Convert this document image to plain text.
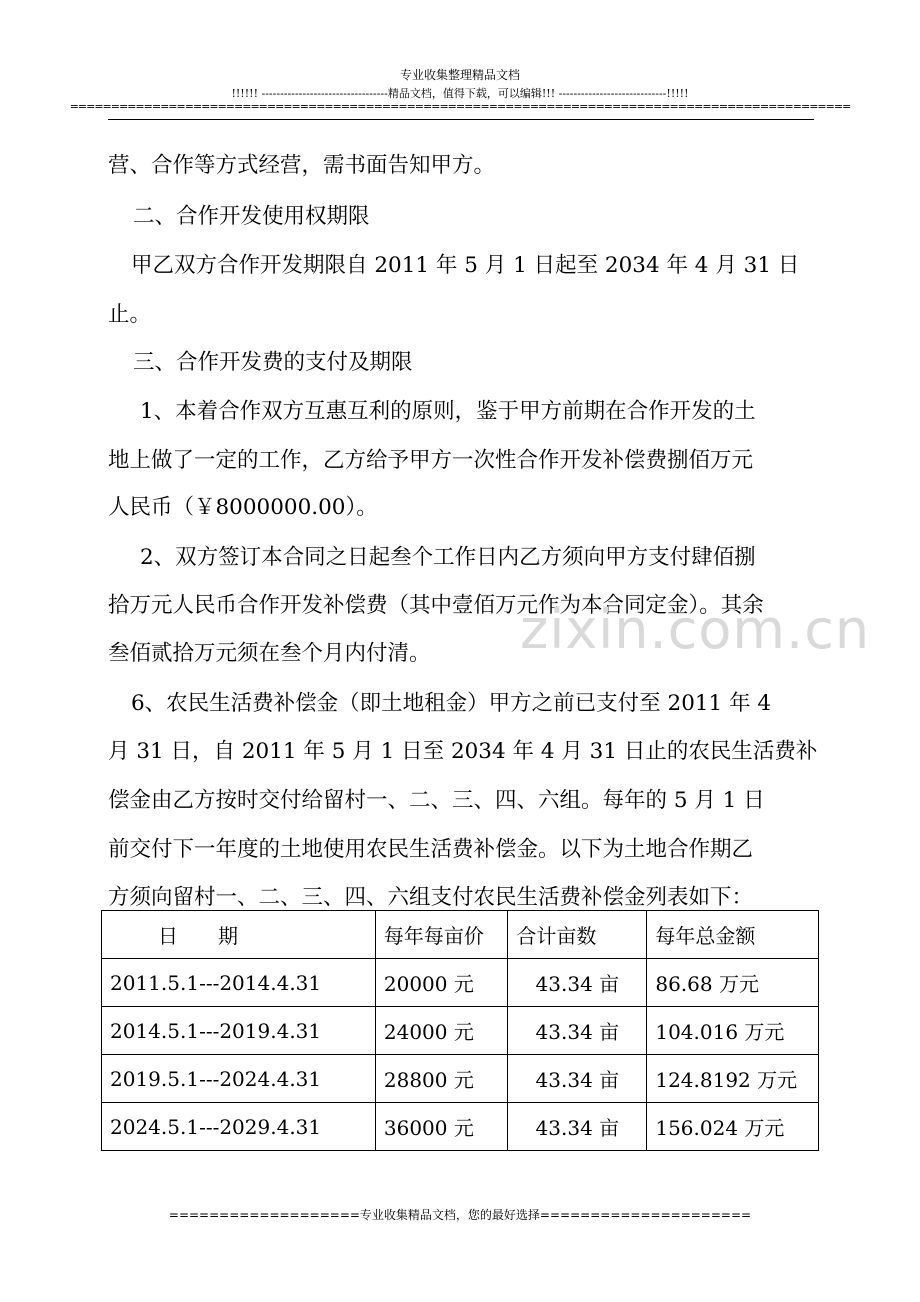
专业收集整理精品文档
!!!!!! ----------------------------------精品文档，值得下载，可以编辑!!! -----------------------------!!!!!
===============================================================================================
营、合作等方式经营，需书面告知甲方。
二、合作开发使用权期限
甲乙双方合作开发期限自 2011 年 5 月 1 日起至 2034 年 4 月 31 日
止。
三、合作开发费的支付及期限
1、本着合作双方互惠互利的原则，鉴于甲方前期在合作开发的土
地上做了一定的工作，乙方给予甲方一次性合作开发补偿费捌佰万元
人民币（￥8000000.00）。
2、双方签订本合同之日起叁个工作日内乙方须向甲方支付肆佰捌
拾万元人民币合作开发补偿费（其中壹佰万元作为本合同定金）。其余
叁佰贰拾万元须在叁个月内付清。
6、农民生活费补偿金（即土地租金）甲方之前已支付至 2011 年 4
月 31 日，自 2011 年 5 月 1 日至 2034 年 4 月 31 日止的农民生活费补
偿金由乙方按时交付给留村一、二、三、四、六组。每年的 5 月 1 日
前交付下一年度的土地使用农民生活费补偿金。以下为土地合作期乙
方须向留村一、二、三、四、六组支付农民生活费补偿金列表如下：
zixin.com.cn
日　　期	每年每亩价	合计亩数	每年总金额
2011.5.1---2014.4.31	20000 元	43.34 亩	86.68 万元
2014.5.1---2019.4.31	24000 元	43.34 亩	104.016 万元
2019.5.1---2024.4.31	28800 元	43.34 亩	124.8192 万元
2024.5.1---2029.4.31	36000 元	43.34 亩	156.024 万元
===================专业收集精品文档，您的最好选择=====================
